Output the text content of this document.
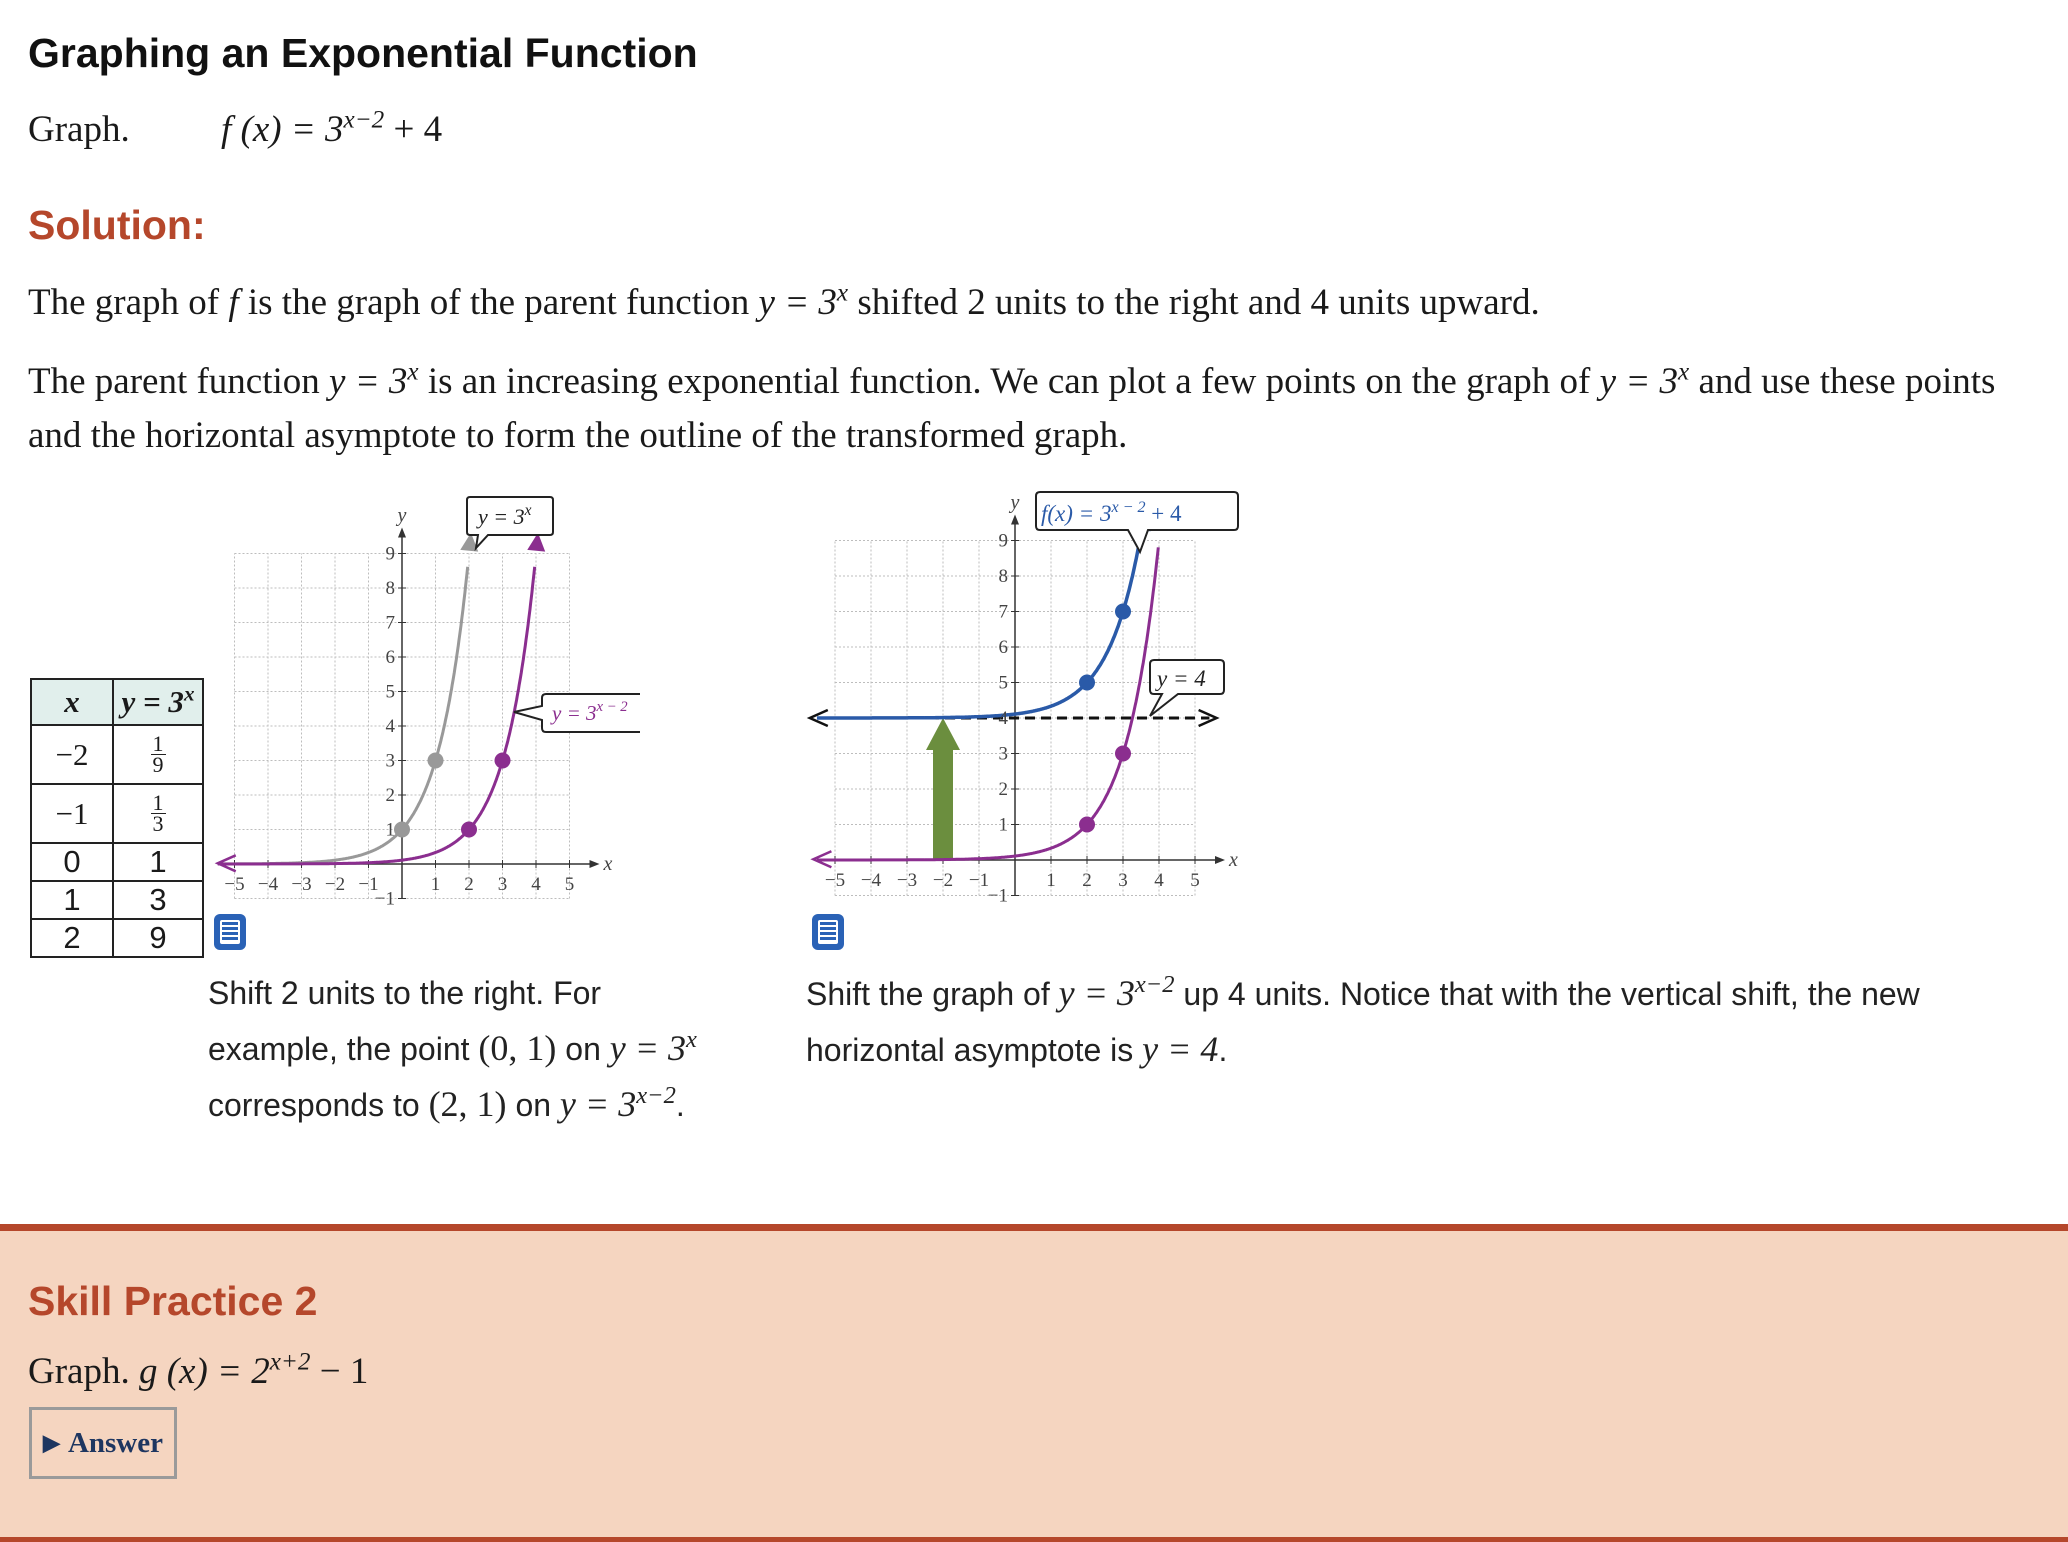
Graphing an Exponential Function
Graph. f $(x) = 3^{x-2} + 4$
Solution:
The graph of f is the graph of the parent function $y = 3^x$ shifted 2 units to the right and 4 units upward.
The parent function $y = 3^x$ is an increasing exponential function. We can plot a few points on the graph of $y = 3^x$ and use these points and the horizontal asymptote to form the outline of the transformed graph.
x	$y = 3^x$
−2	$\frac{1}{9}$

−1	$\frac{1}{3}$

0	1
1	3
2	9
x
y
−5 −4 −3 −2 −1	1 2 3 4 5
−1
1
2
3
4
5
6
7
8
9
$y = 3^x$
$y = 3^{x - 2}$
x
y
−5 −4 −3 −2 −1	1 2 3 4 5
−1
1
2
3
4
5
6
7
8
9
$f(x) = 3^{x - 2} + 4$
y = 4
Shift 2 units to the right. For example, the point (0, 1) on $y = 3^x$ corresponds to (2, 1) on $y = 3^{x-2}$.
Shift the graph of $y = 3^{x-2}$ up 4 units. Notice that with the vertical shift, the new horizontal asymptote is y = 4.
Skill Practice 2
Graph. g $(x) = 2^{x+2} - 1$
▶ Answer
